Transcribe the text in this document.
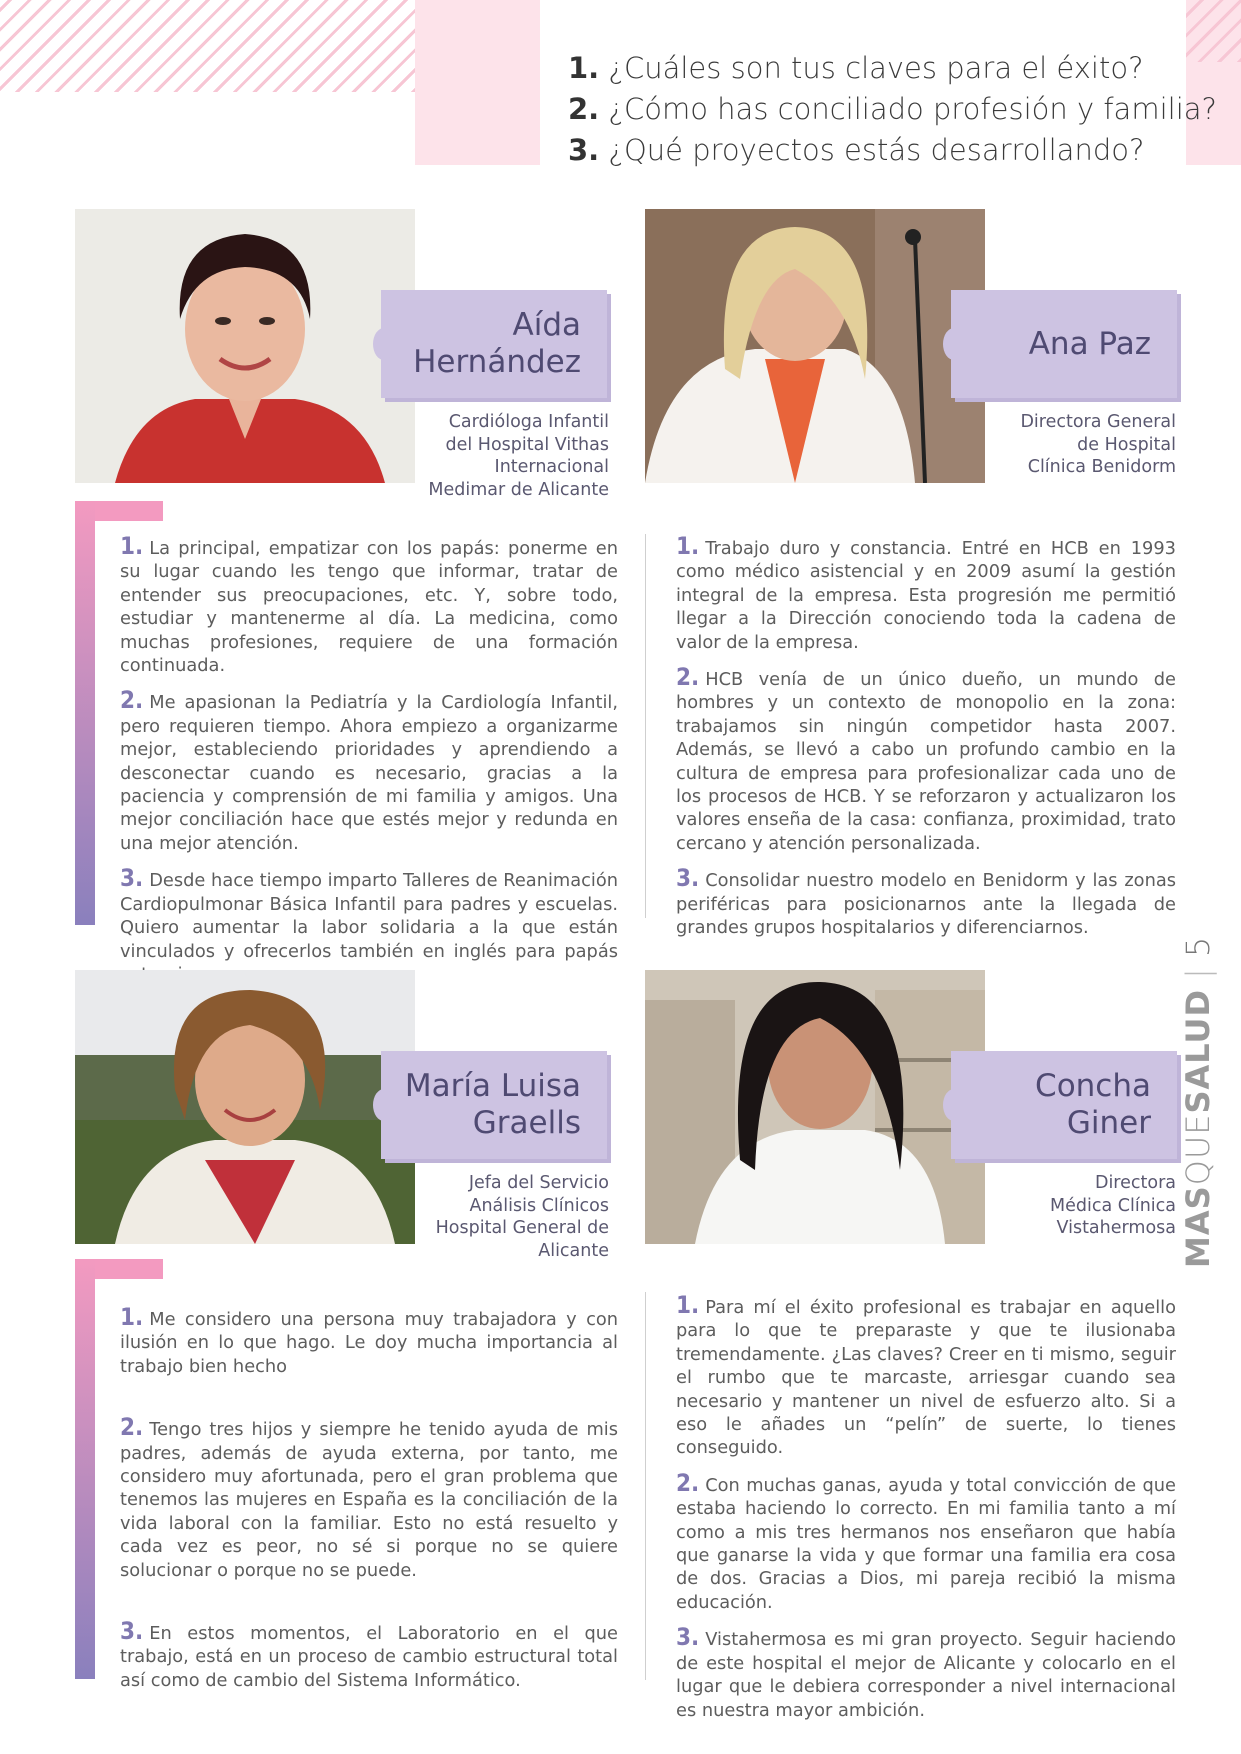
1. ¿Cuáles son tus claves para el éxito?
2. ¿Cómo has conciliado profesión y familia?
3. ¿Qué proyectos estás desarrollando?
Aída
Hernández
Cardióloga Infantil
del Hospital Vithas
Internacional
Medimar de Alicante

1. La principal, empatizar con los papás: ponerme en su lugar cuando les tengo que informar, tratar de entender sus preocupaciones, etc. Y, sobre todo, estudiar y mantenerme al día. La medicina, como muchas profesiones, requiere de una formación continuada.

2. Me apasionan la Pediatría y la Cardiología Infantil, pero requieren tiempo. Ahora empiezo a organizarme mejor, estableciendo prioridades y aprendiendo a desconectar cuando es necesario, gracias a la paciencia y comprensión de mi familia y amigos. Una mejor conciliación hace que estés mejor y redunda en una mejor atención.

3. Desde hace tiempo imparto Talleres de Reanimación Cardiopulmonar Básica Infantil para padres y escuelas. Quiero aumentar la labor solidaria a la que están vinculados y ofrecerlos también en inglés para papás

Ana Paz
Directora General
de Hospital
Clínica Benidorm

1. Trabajo duro y constancia. Entré en HCB en 1993 como médico asistencial y en 2009 asumí la gestión integral de la empresa. Esta progresión me permitió llegar a la Dirección conociendo toda la cadena de valor de la empresa.

2. HCB venía de un único dueño, un mundo de hombres y un contexto de monopolio en la zona: trabajamos sin ningún competidor hasta 2007. Además, se llevó a cabo un profundo cambio en la cultura de empresa para profesionalizar cada uno de los procesos de HCB. Y se reforzaron y actualizaron los valores enseña de la casa: confianza, proximidad, trato cercano y atención personalizada.

3. Consolidar nuestro modelo en Benidorm y las zonas periféricas para posicionarnos ante la llegada de grandes grupos hospitalarios y diferenciarnos.

María Luisa
Graells
Jefa del Servicio
Análisis Clínicos
Hospital General de
Alicante

1. Me considero una persona muy trabajadora y con ilusión en lo que hago. Le doy mucha importancia al trabajo bien hecho

2. Tengo tres hijos y siempre he tenido ayuda de mis padres, además de ayuda externa, por tanto, me considero muy afortunada, pero el gran problema que tenemos las mujeres en España es la conciliación de la vida laboral con la familiar. Esto no está resuelto y cada vez es peor, no sé si porque no se quiere solucionar o porque no se puede.

3. En estos momentos, el Laboratorio en el que trabajo, está en un proceso de cambio estructural total así como de cambio del Sistema Informático.

Concha
Giner
Directora
Médica Clínica
Vistahermosa

1. Para mí el éxito profesional es trabajar en aquello para lo que te preparaste y que te ilusionaba tremendamente. ¿Las claves? Creer en ti mismo, seguir el rumbo que te marcaste, arriesgar cuando sea necesario y mantener un nivel de esfuerzo alto. Si a eso le añades un “pelín” de suerte, lo tienes conseguido.

2. Con muchas ganas, ayuda y total convicción de que estaba haciendo lo correcto. En mi familia tanto a mí como a mis tres hermanos nos enseñaron que había que ganarse la vida y que formar una familia era cosa de dos. Gracias a Dios, mi pareja recibió la misma educación.

3. Vistahermosa es mi gran proyecto. Seguir haciendo de este hospital el mejor de Alicante y colocarlo en el lugar que le debiera corresponder a nivel internacional es nuestra mayor ambición.

MAS
QUE
SALUD
|
5
